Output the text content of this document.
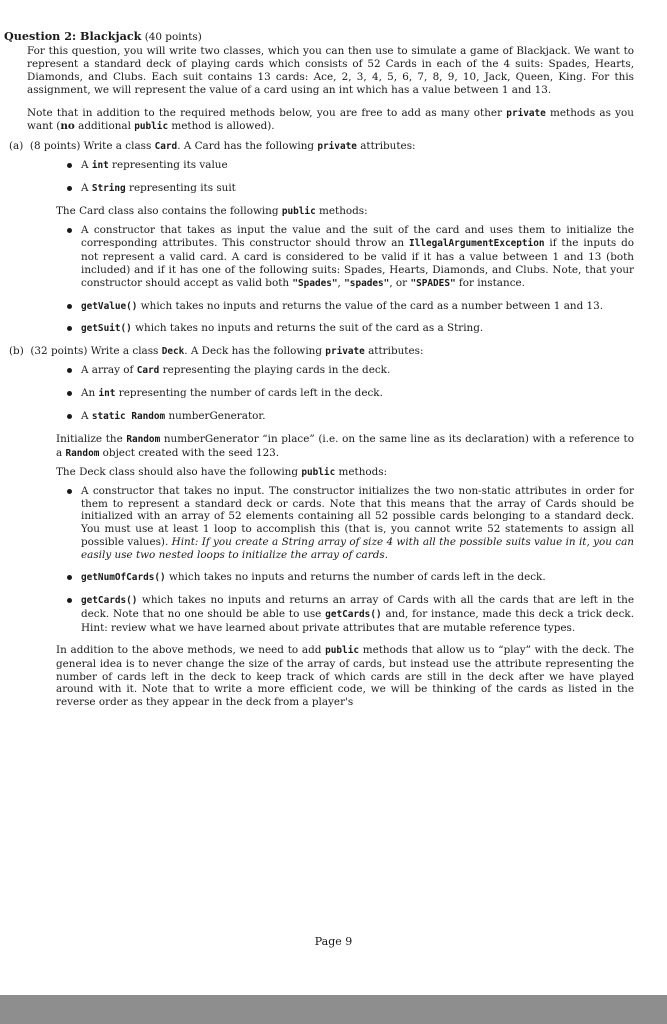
Question 2: Blackjack (40 points)

For this question, you will write two classes, which you can then use to simulate a game of Blackjack. We want to represent a standard deck of playing cards which consists of 52 Cards in each of the 4 suits: Spades, Hearts, Diamonds, and Clubs. Each suit contains 13 cards: Ace, 2, 3, 4, 5, 6, 7, 8, 9, 10, Jack, Queen, King. For this assignment, we will represent the value of a card using an int which has a value between 1 and 13.

Note that in addition to the required methods below, you are free to add as many other private methods as you want (no additional public method is allowed).

(a) (8 points) Write a class Card. A Card has the following private attributes:
A int representing its value
A String representing its suit

The Card class also contains the following public methods:

A constructor that takes as input the value and the suit of the card and uses them to initialize the corresponding attributes. This constructor should throw an IllegalArgumentException if the inputs do not represent a valid card. A card is considered to be valid if it has a value between 1 and 13 (both included) and if it has one of the following suits: Spades, Hearts, Diamonds, and Clubs. Note, that your constructor should accept as valid both "Spades", "spades", or "SPADES" for instance.
getValue() which takes no inputs and returns the value of the card as a number between 1 and 13.
getSuit() which takes no inputs and returns the suit of the card as a String.
(b) (32 points) Write a class Deck. A Deck has the following private attributes:
A array of Card representing the playing cards in the deck.
An int representing the number of cards left in the deck.
A static Random numberGenerator.

Initialize the Random numberGenerator “in place” (i.e. on the same line as its declaration) with a reference to a Random object created with the seed 123.

The Deck class should also have the following public methods:

A constructor that takes no input. The constructor initializes the two non-static attributes in order for them to represent a standard deck or cards. Note that this means that the array of Cards should be initialized with an array of 52 elements containing all 52 possible cards belonging to a standard deck. You must use at least 1 loop to accomplish this (that is, you cannot write 52 statements to assign all possible values). Hint: If you create a String array of size 4 with all the possible suits value in it, you can easily use two nested loops to initialize the array of cards.
getNumOfCards() which takes no inputs and returns the number of cards left in the deck.
getCards() which takes no inputs and returns an array of Cards with all the cards that are left in the deck. Note that no one should be able to use getCards() and, for instance, made this deck a trick deck. Hint: review what we have learned about private attributes that are mutable reference types.

In addition to the above methods, we need to add public methods that allow us to “play” with the deck. The general idea is to never change the size of the array of cards, but instead use the attribute representing the number of cards left in the deck to keep track of which cards are still in the deck after we have played around with it. Note that to write a more efficient code, we will be thinking of the cards as listed in the reverse order as they appear in the deck from a player's

Page 9
